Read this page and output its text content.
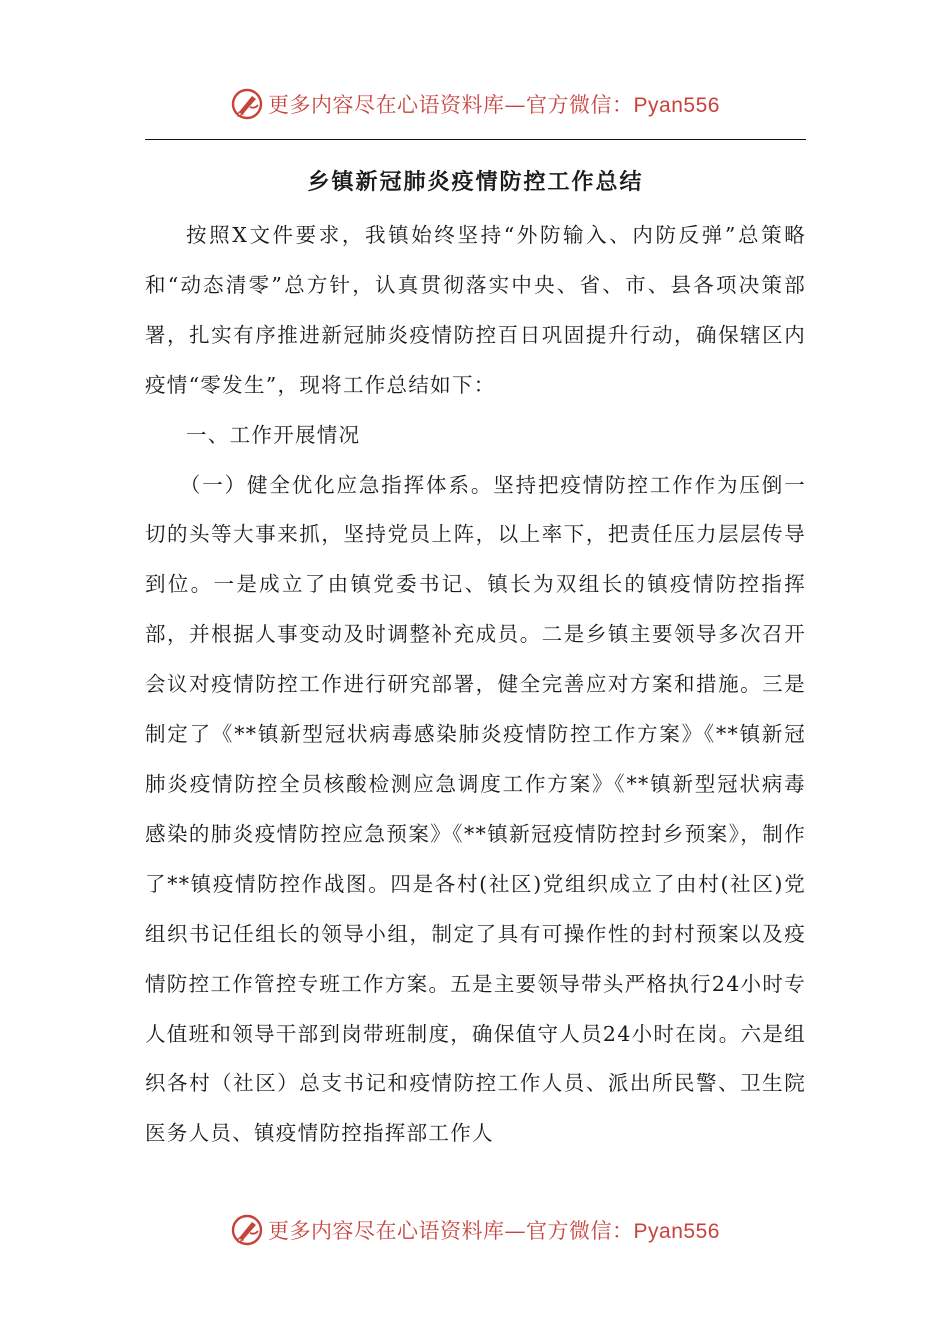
更多内容尽在心语资料库—官方微信：Pyan556
乡镇新冠肺炎疫情防控工作总结

按照X文件要求，我镇始终坚持“外防输入、内防反弹”总策略和“动态清零”总方针，认真贯彻落实中央、省、市、县各项决策部署，扎实有序推进新冠肺炎疫情防控百日巩固提升行动，确保辖区内疫情“零发生”，现将工作总结如下：

一、工作开展情况

（一）健全优化应急指挥体系。坚持把疫情防控工作作为压倒一切的头等大事来抓，坚持党员上阵，以上率下，把责任压力层层传导到位。一是成立了由镇党委书记、镇长为双组长的镇疫情防控指挥部，并根据人事变动及时调整补充成员。二是乡镇主要领导多次召开会议对疫情防控工作进行研究部署，健全完善应对方案和措施。三是制定了《**镇新型冠状病毒感染肺炎疫情防控工作方案》《**镇新冠肺炎疫情防控全员核酸检测应急调度工作方案》《**镇新型冠状病毒感染的肺炎疫情防控应急预案》《**镇新冠疫情防控封乡预案》，制作了**镇疫情防控作战图。四是各村(社区)党组织成立了由村(社区)党组织书记任组长的领导小组，制定了具有可操作性的封村预案以及疫情防控工作管控专班工作方案。五是主要领导带头严格执行24小时专人值班和领导干部到岗带班制度，确保值守人员24小时在岗。六是组织各村（社区）总支书记和疫情防控工作人员、派出所民警、卫生院医务人员、镇疫情防控指挥部工作人

更多内容尽在心语资料库—官方微信：Pyan556
